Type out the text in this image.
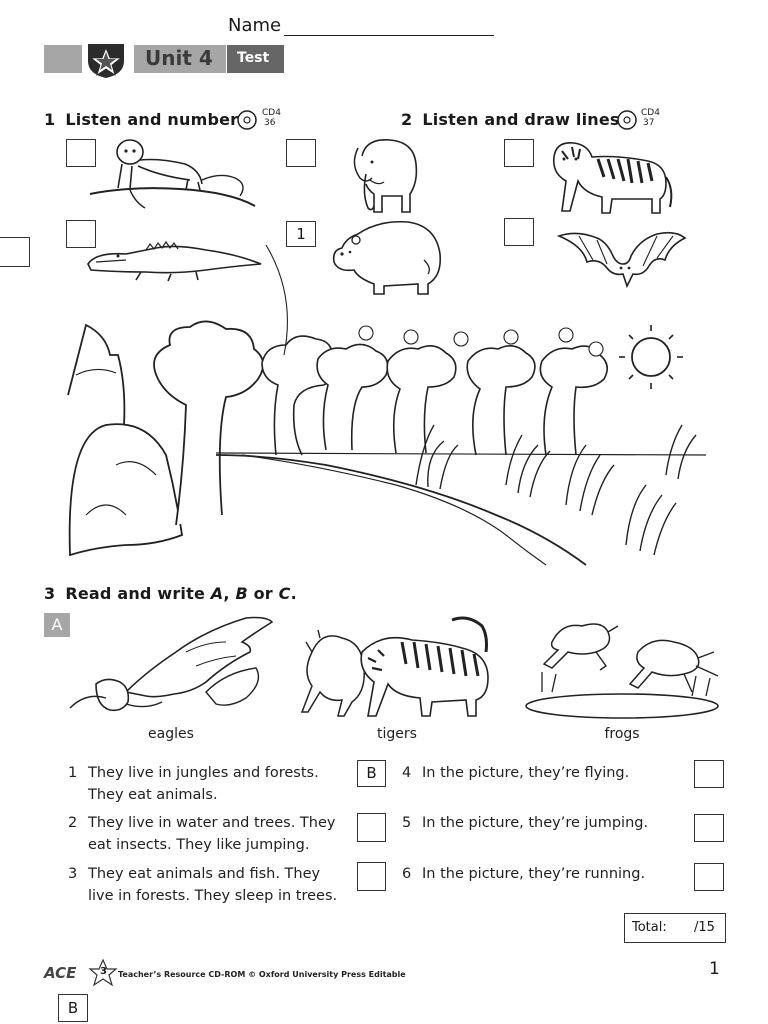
Name
Unit 4 Test
1 Listen and number	CD4
36
1
2 Listen and draw lines CD4
37
3 Read and write A, B or C.
A
eagles	tigers	frogs
1 They live in jungles and forests.
They eat animals.
B
2 They live in water and trees. They
eat insects. They like jumping.
3 They eat animals and fish. They
live in forests. They sleep in trees.
4 In the picture, they’re flying.
5 In the picture, they’re jumping.
6 In the picture, they’re running.
Total: /15
ACE 3 Teacher’s Resource CD-ROM © Oxford University Press Editable	1
B
